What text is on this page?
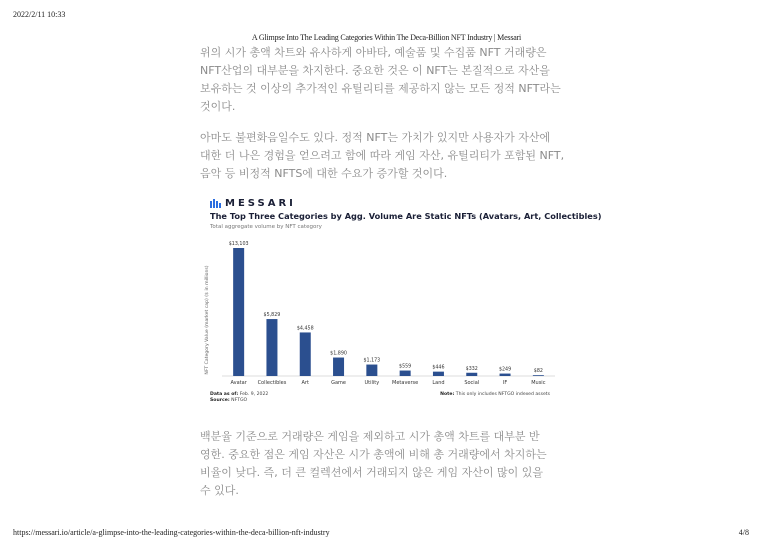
2022/2/11 10:33
A Glimpse Into The Leading Categories Within The Deca-Billion NFT Industry | Messari

위의 시가 총액 차트와 유사하게 아바타, 예술품 및 수집품 NFT 거래량은

NFT산업의 대부분을 차지한다. 중요한 것은 이 NFT는 본질적으로 자산을

보유하는 것 이상의 추가적인 유틸리티를 제공하지 않는 모든 정적 NFT라는

것이다.

아마도 불편화음일수도 있다. 정적 NFT는 가치가 있지만 사용자가 자산에

대한 더 나은 경험을 얻으려고 함에 따라 게임 자산, 유틸리티가 포함된 NFT,

음악 등 비정적 NFTS에 대한 수요가 증가할 것이다.

MESSARI
The Top Three Categories by Agg. Volume Are Static NFTs (Avatars, Art, Collectibles)
Total aggregate volume by NFT category
NFT Category Value (market cap) ($ in millions)
$13,103
Avatar
$5,829
Collectibles
$4,458
Art
$1,890
Game
$1,173
Utility
$559
Metaverse
$446
Land
$332
Social
$249
IF
$82
Music
Data as of: Feb. 9, 2022
Source: NFTGO
Note: This only includes NFTGO indexed assets

백분율 기준으로 거래량은 게임을 제외하고 시가 총액 차트를 대부분 반

영한. 중요한 점은 게임 자산은 시가 총액에 비해 총 거래량에서 차지하는

비율이 낮다. 즉, 더 큰 컬렉션에서 거래되지 않은 게임 자산이 많이 있을

수 있다.

https://messari.io/article/a-glimpse-into-the-leading-categories-within-the-deca-billion-nft-industry	4/8
